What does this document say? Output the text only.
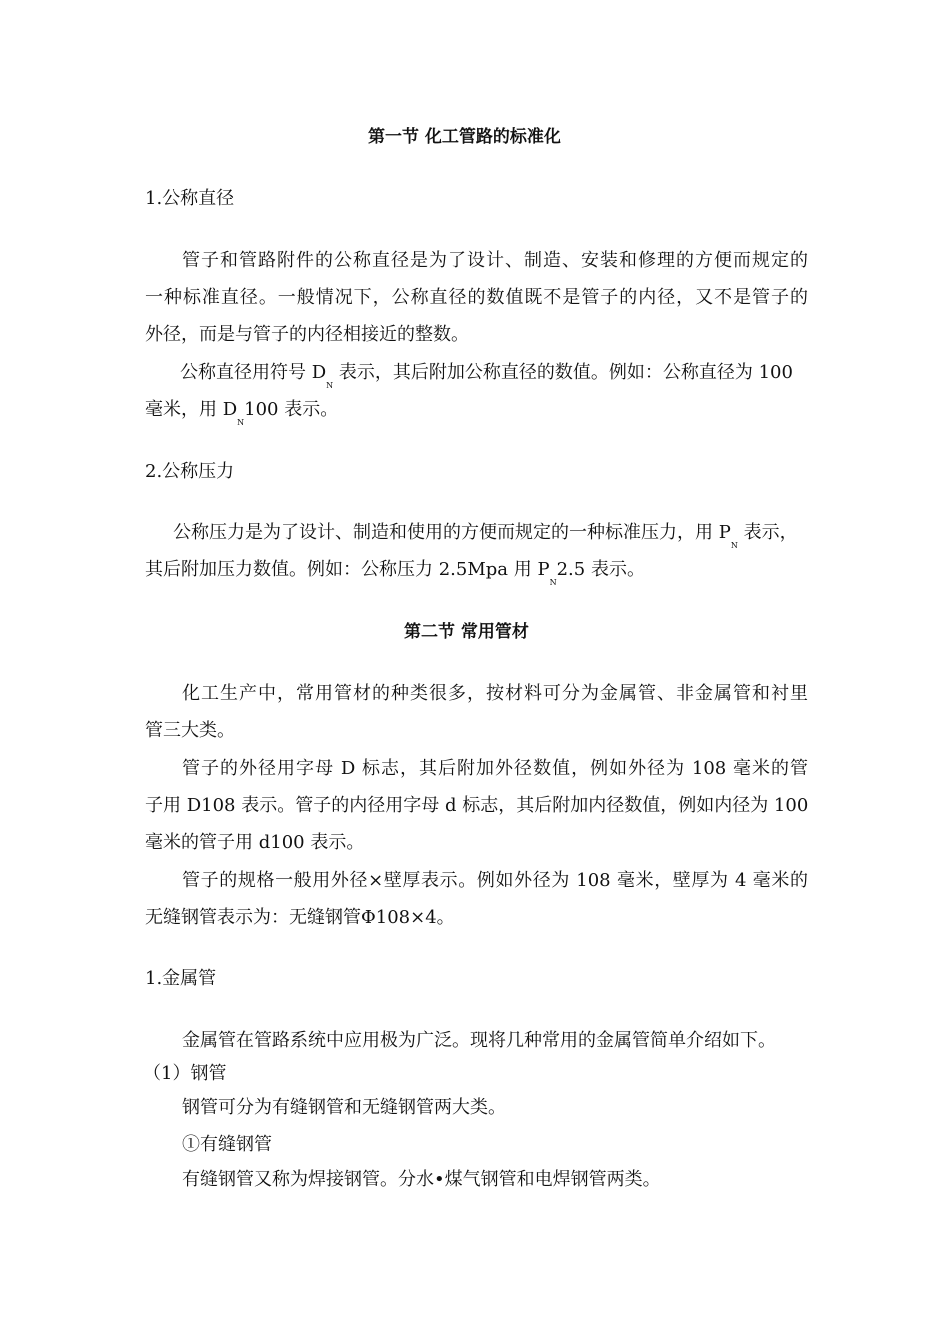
第一节 化工管路的标准化
1.公称直径
管子和管路附件的公称直径是为了设计、制造、安装和修理的方便而规定的
一种标准直径。一般情况下，公称直径的数值既不是管子的内径，又不是管子的
外径，而是与管子的内径相接近的整数。
公称直径用符号 $D_N$ 表示，其后附加公称直径的数值。例如：公称直径为 100
毫米，用 $D_N100$ 表示。
2.公称压力
公称压力是为了设计、制造和使用的方便而规定的一种标准压力，用 $P_N$ 表示，
其后附加压力数值。例如：公称压力 2.5Mpa 用 $P_N2.5$ 表示。
第二节 常用管材
化工生产中，常用管材的种类很多，按材料可分为金属管、非金属管和衬里
管三大类。
管子的外径用字母 D 标志，其后附加外径数值，例如外径为 108 毫米的管
子用 D108 表示。管子的内径用字母 d 标志，其后附加内径数值，例如内径为 100
毫米的管子用 d100 表示。
管子的规格一般用外径×壁厚表示。例如外径为 108 毫米，壁厚为 4 毫米的
无缝钢管表示为：无缝钢管Φ108×4。
1.金属管
金属管在管路系统中应用极为广泛。现将几种常用的金属管简单介绍如下。
（1）钢管
钢管可分为有缝钢管和无缝钢管两大类。
①有缝钢管
有缝钢管又称为焊接钢管。分水•煤气钢管和电焊钢管两类。
